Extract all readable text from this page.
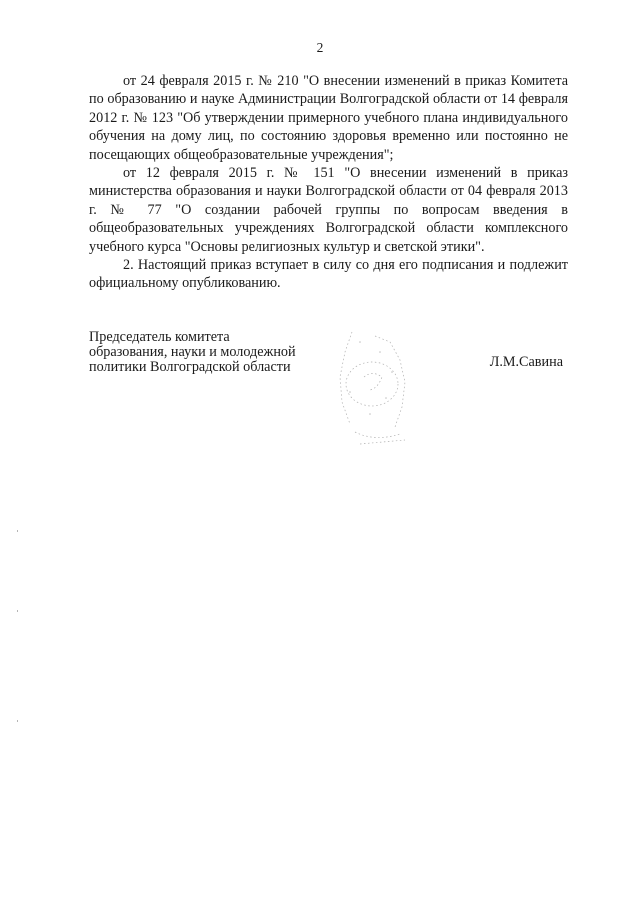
2

от 24 февраля 2015 г. № 210 "О внесении изменений в приказ Комитета по образованию и науке Администрации Волгоградской области от 14 февраля 2012 г. № 123 "Об утверждении примерного учебного плана индивидуального обучения на дому лиц, по состоянию здоровья временно или постоянно не посещающих общеобразовательные учреждения";

от 12 февраля 2015 г. № 151 "О внесении изменений в приказ министерства образования и науки Волгоградской области от 04 февраля 2013 г. № 77 "О создании рабочей группы по вопросам введения в общеобразовательных учреждениях Волгоградской области комплексного учебного курса "Основы религиозных культур и светской этики".

2. Настоящий приказ вступает в силу со дня его подписания и подлежит официальному опубликованию.

Председатель комитета
образования, науки и молодежной
политики Волгоградской области	Л.М.Савина
